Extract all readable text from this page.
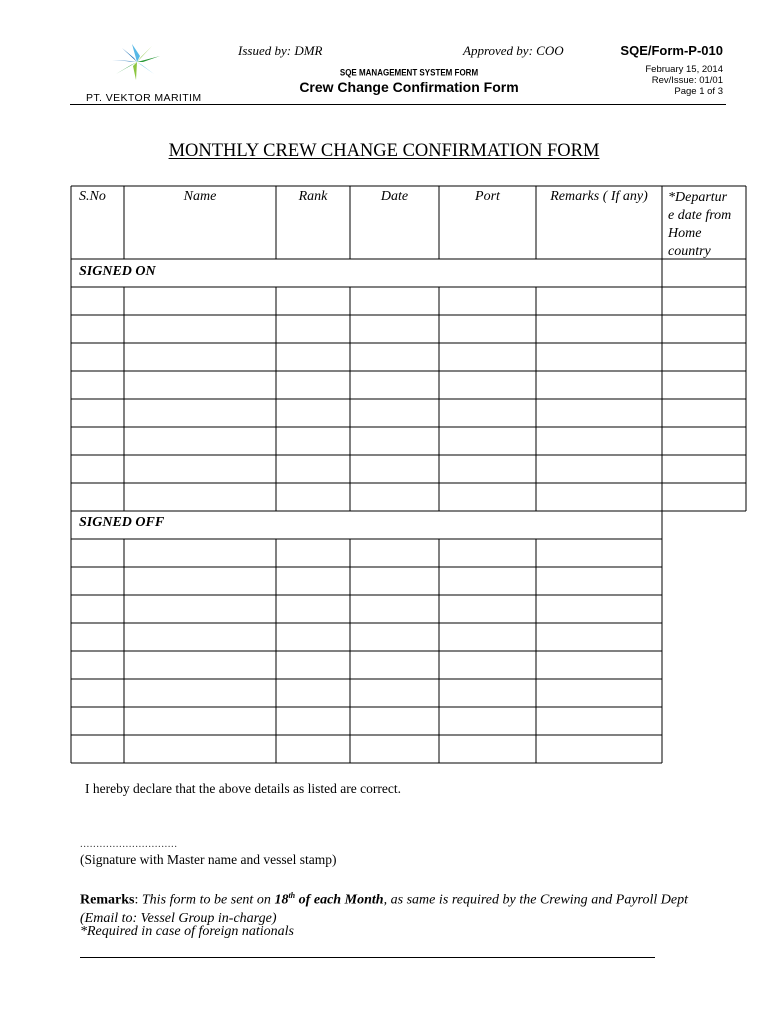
PT. VEKTOR MARITIM
Issued by: DMR	Approved by: COO	SQE/Form-P-010
SQE MANAGEMENT SYSTEM FORM
Crew Change Confirmation Form
February 15, 2014
Rev/Issue: 01/01
Page 1 of 3
MONTHLY CREW CHANGE CONFIRMATION FORM
S.No	Name	Rank	Date	Port	Remarks ( If any)	*Departur
e date from
Home
country
SIGNED ON
SIGNED OFF
I hereby declare that the above details as listed are correct.
..............................
(Signature with Master name and vessel stamp)
Remarks: This form to be sent on 18th of each Month, as same is required by the Crewing and Payroll Dept (Email to: Vessel Group in-charge)
*Required in case of foreign nationals
